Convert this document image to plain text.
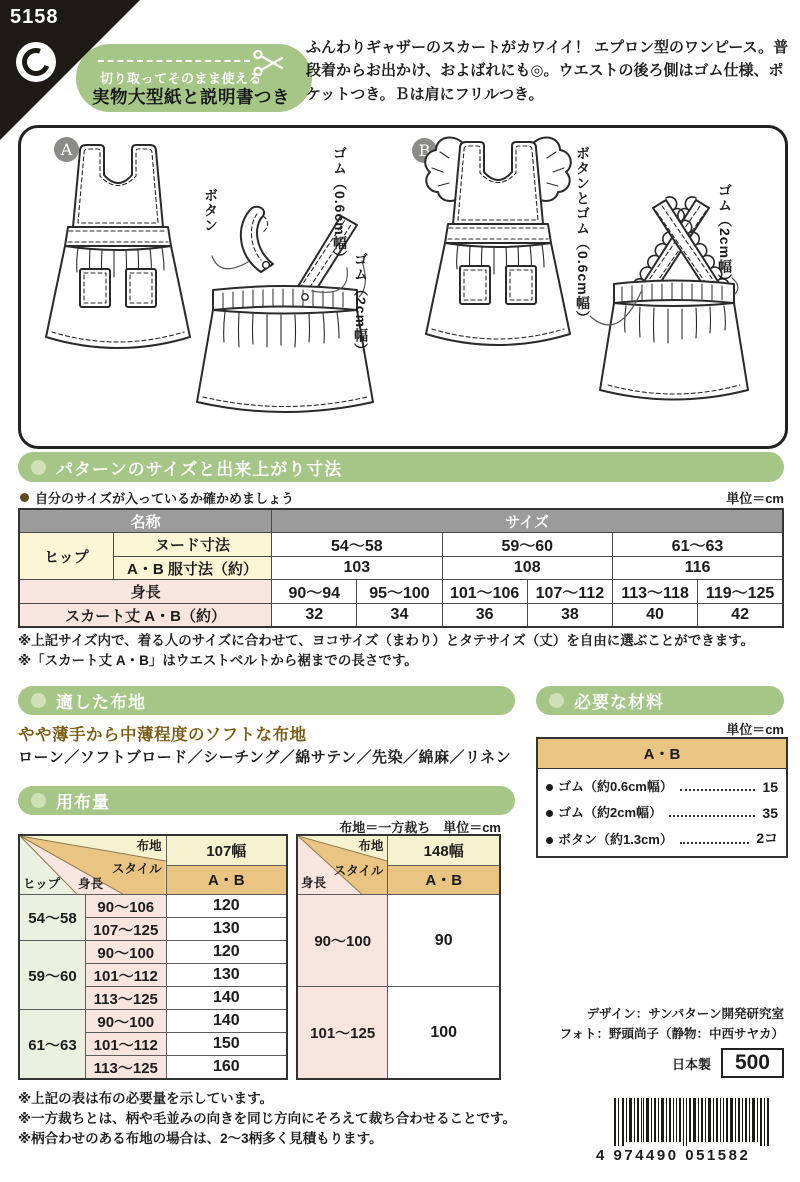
5158
切り取ってそのまま使える
実物大型紙と説明書つき
ふんわりギャザーのスカートがカワイイ！ エプロン型のワンピース。普段着からお出かけ、およばれにも◎。ウエストの後ろ側はゴム仕様、ポケットつき。Ｂは肩にフリルつき。
A	B
ボタン	ゴム（0.6cm幅）
ゴム（2cm幅）	ボタンとゴム（0.6cm幅）	ゴム（2cm幅）
パターンのサイズと出来上がり寸法
自分のサイズが入っているか確かめましょう	単位＝cm
名称		サイズ					
ヒップ	ヌード寸法	54〜58		59〜60		61〜63	
	A・B 服寸法（約）	103		108		116	
身長		90〜94	95〜100	101〜106	107〜112	113〜118	119〜125
スカート丈 A・B（約）		32	34	36	38	40	42
※上記サイズ内で、着る人のサイズに合わせて、ヨコサイズ（まわり）とタテサイズ（丈）を自由に選ぶことができます。
※「スカート丈 A・B」はウエストベルトから裾までの長さです。
適した布地
やや薄手から中薄程度のソフトな布地
ローン／ソフトブロード／シーチング／綿サテン／先染／綿麻／リネン
必要な材料
単位＝cm
A・B
ゴム（約0.6cm幅）	15
ゴム（約2cm幅）	35
ボタン（約1.3cm）	2コ
用布量
布地＝一方裁ち　単位＝cm
布地
スタイル
ヒップ 身長		107幅
		A・B
54〜58	90〜106	120
	107〜125	130
59〜60	90〜100	120
	101〜112	130
	113〜125	140
61〜63	90〜100	140
	101〜112	150
	113〜125	160
布地
スタイル
身長	148幅
	A・B
90〜100	90
101〜125	100
※上記の表は布の必要量を示しています。
※一方裁ちとは、柄や毛並みの向きを同じ方向にそろえて裁ち合わせることです。
※柄合わせのある布地の場合は、2〜3柄多く見積もります。
デザイン：サンパターン開発研究室
フォト：野頭尚子（静物：中西サヤカ）
日本製	500
4 974490 051582
